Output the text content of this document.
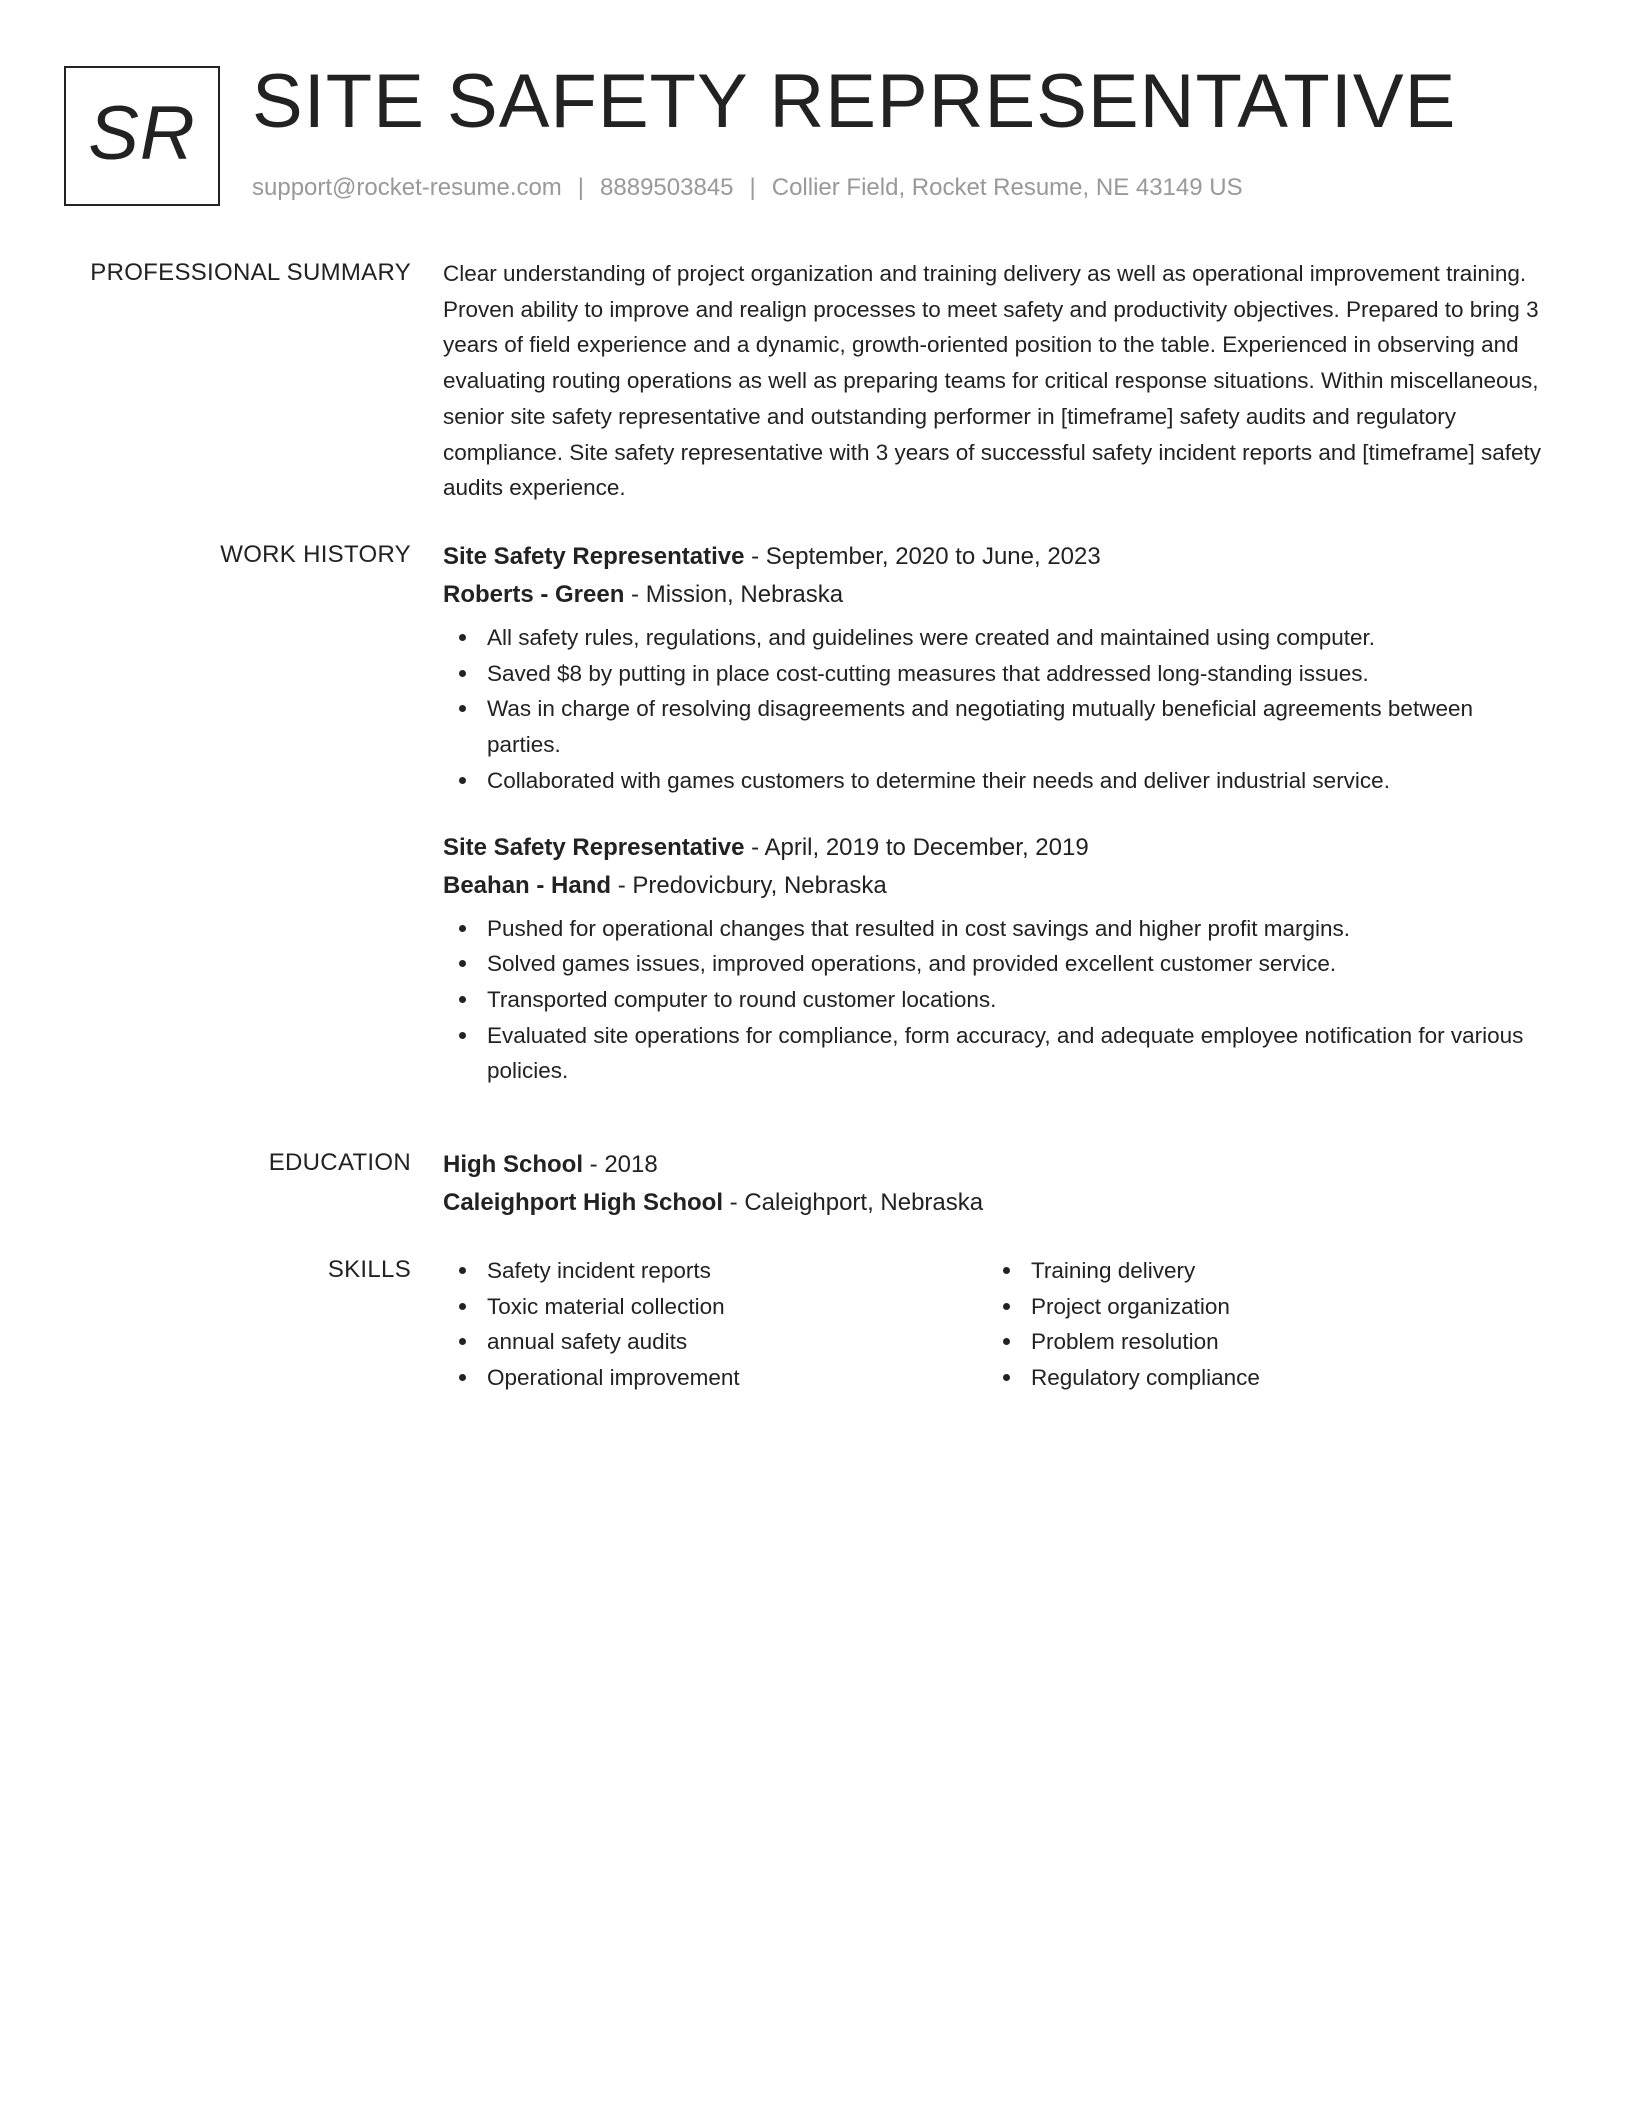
SR SITE SAFETY REPRESENTATIVE
support@rocket-resume.com | 8889503845 | Collier Field, Rocket Resume, NE 43149 US
PROFESSIONAL SUMMARY Clear understanding of project organization and training delivery as well as operational improvement training. Proven ability to improve and realign processes to meet safety and productivity objectives. Prepared to bring 3 years of field experience and a dynamic, growth-oriented position to the table. Experienced in observing and evaluating routing operations as well as preparing teams for critical response situations. Within miscellaneous, senior site safety representative and outstanding performer in [timeframe] safety audits and regulatory compliance. Site safety representative with 3 years of successful safety incident reports and [timeframe] safety audits experience.

WORK HISTORY Site Safety Representative - September, 2020 to June, 2023

Roberts - Green - Mission, Nebraska

All safety rules, regulations, and guidelines were created and maintained using computer.
Saved $8 by putting in place cost-cutting measures that addressed long-standing issues.
Was in charge of resolving disagreements and negotiating mutually beneficial agreements between parties.
Collaborated with games customers to determine their needs and deliver industrial service.

Site Safety Representative - April, 2019 to December, 2019

Beahan - Hand - Predovicbury, Nebraska

Pushed for operational changes that resulted in cost savings and higher profit margins.
Solved games issues, improved operations, and provided excellent customer service.
Transported computer to round customer locations.
Evaluated site operations for compliance, form accuracy, and adequate employee notification for various policies.
EDUCATION High School - 2018

Caleighport High School - Caleighport, Nebraska

SKILLS	Safety incident reports
Toxic material collection
annual safety audits
Operational improvement
Training delivery
Project organization
Problem resolution
Regulatory compliance
